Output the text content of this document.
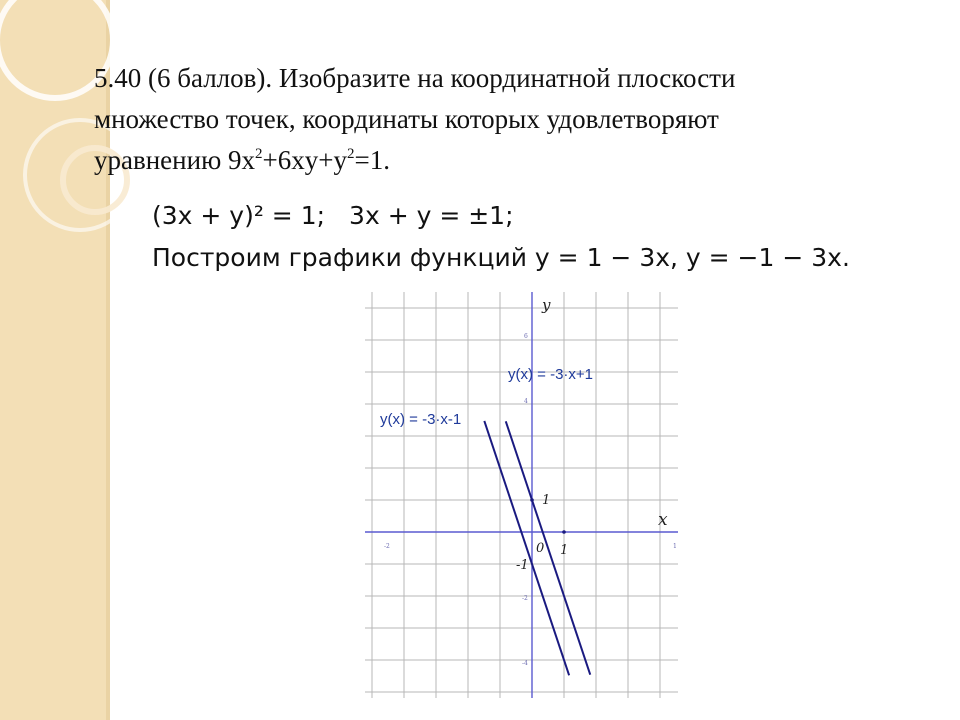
5.40 (6 баллов). Изобразите на координатной плоскости
множество точек, координаты которых удовлетворяют
уравнению $9x^2+6xy+y^2=1$.
(3x + y)² = 1; 3x + y = ±1;
Построим графики функций y = 1 − 3x, y = −1 − 3x.
y
x
0 1
1
-1
-2	1
6
4
-2
-4
y(x) = -3·x+1
y(x) = -3·x-1
